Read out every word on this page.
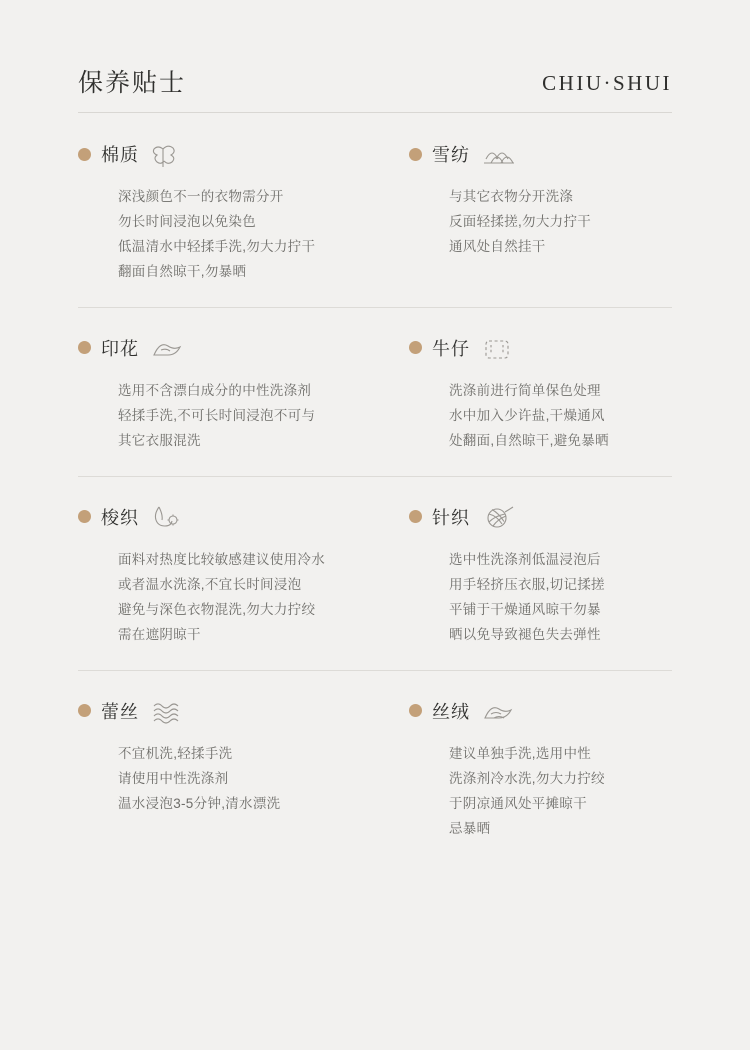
保养贴士	CHIU·SHUI
棉质
深浅颜色不一的衣物需分开
勿长时间浸泡以免染色
低温清水中轻揉手洗,勿大力拧干
翻面自然晾干,勿暴晒
雪纺
与其它衣物分开洗涤
反面轻揉搓,勿大力拧干
通风处自然挂干
印花
选用不含漂白成分的中性洗涤剂
轻揉手洗,不可长时间浸泡不可与
其它衣服混洗
牛仔
洗涤前进行简单保色处理
水中加入少许盐,干燥通风
处翻面,自然晾干,避免暴晒
梭织
面料对热度比较敏感建议使用冷水
或者温水洗涤,不宜长时间浸泡
避免与深色衣物混洗,勿大力拧绞
需在遮阴晾干
针织
选中性洗涤剂低温浸泡后
用手轻挤压衣服,切记揉搓
平铺于干燥通风晾干勿暴
晒以免导致褪色失去弹性
蕾丝
不宜机洗,轻揉手洗
请使用中性洗涤剂
温水浸泡3-5分钟,清水漂洗
丝绒
建议单独手洗,选用中性
洗涤剂冷水洗,勿大力拧绞
于阴凉通风处平摊晾干
忌暴晒
